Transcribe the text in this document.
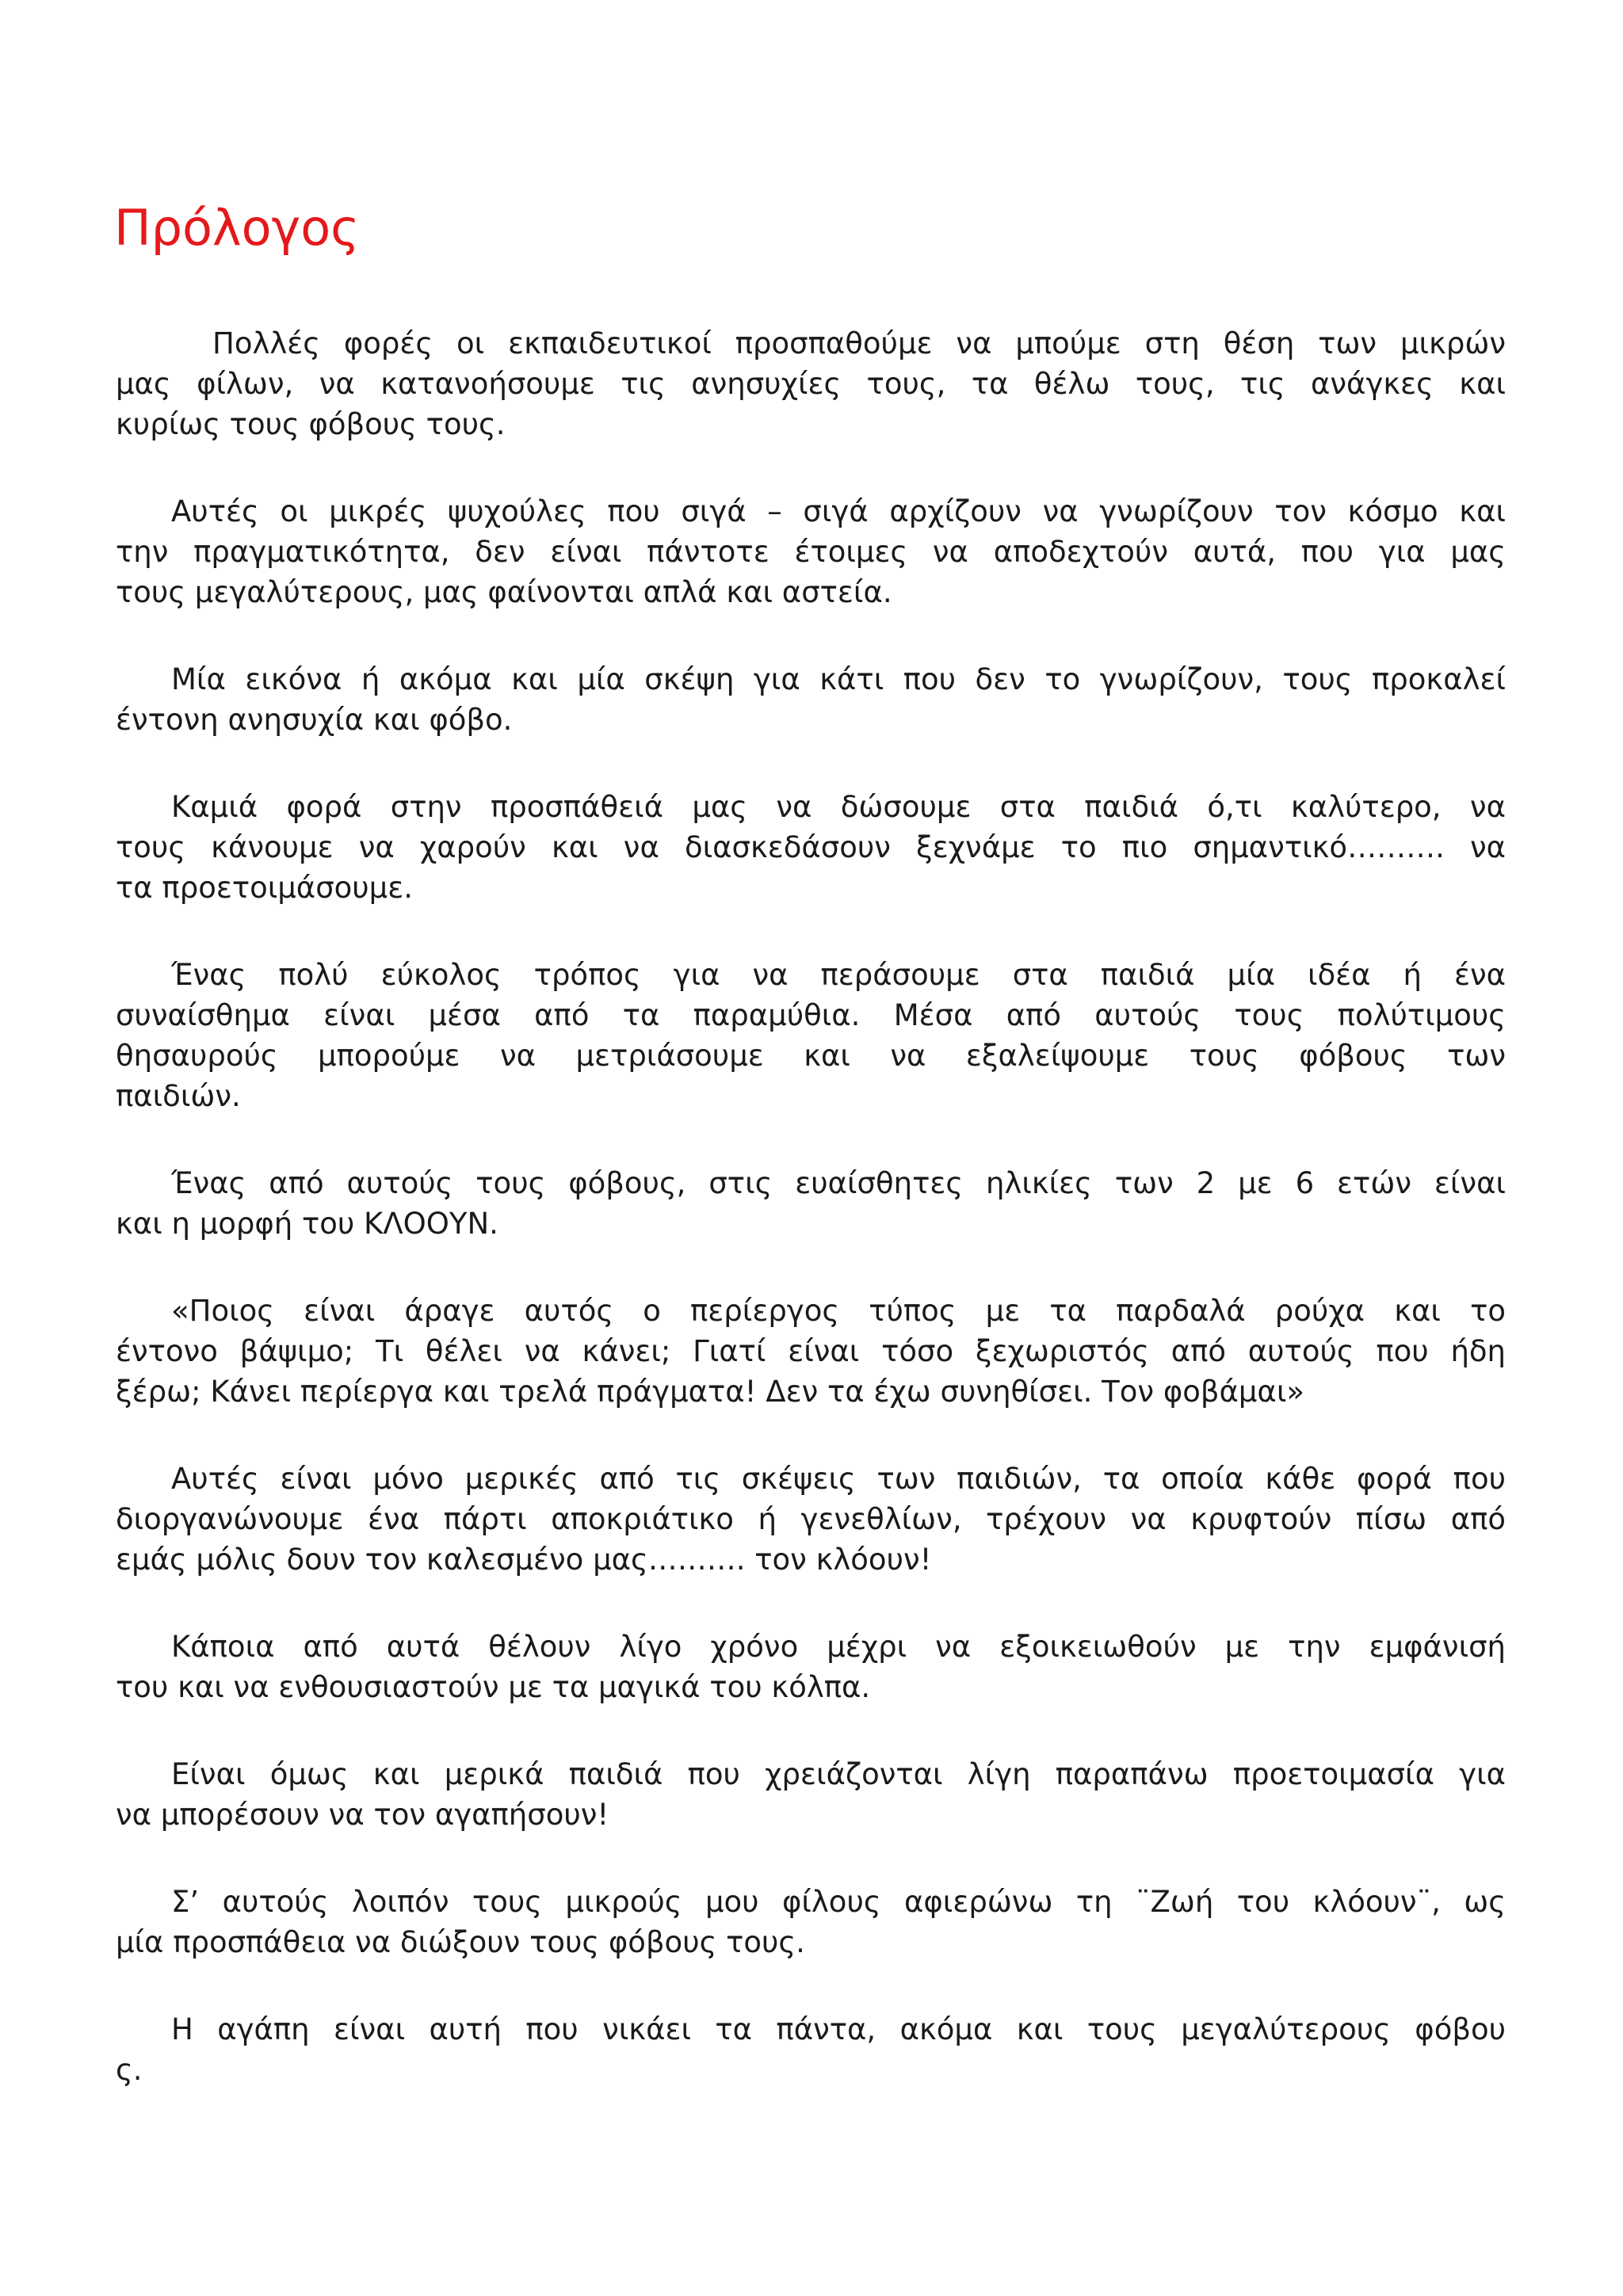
Πρόλογος

Πολλές φορές οι εκπαιδευτικοί προσπαθούμε να μπούμε στη θέση των μικρών
μας φίλων, να κατανοήσουμε τις ανησυχίες τους, τα θέλω τους, τις ανάγκες και
κυρίως τους φόβους τους.

Αυτές οι μικρές ψυχούλες που σιγά – σιγά αρχίζουν να γνωρίζουν τον κόσμο και
την πραγματικότητα, δεν είναι πάντοτε έτοιμες να αποδεχτούν αυτά, που για μας
τους μεγαλύτερους, μας φαίνονται απλά και αστεία.

Μία εικόνα ή ακόμα και μία σκέψη για κάτι που δεν το γνωρίζουν, τους προκαλεί
έντονη ανησυχία και φόβο.

Καμιά φορά στην προσπάθειά μας να δώσουμε στα παιδιά ό,τι καλύτερο, να
τους κάνουμε να χαρούν και να διασκεδάσουν ξεχνάμε το πιο σημαντικό………. να
τα προετοιμάσουμε.

Ένας πολύ εύκολος τρόπος για να περάσουμε στα παιδιά μία ιδέα ή ένα
συναίσθημα είναι μέσα από τα παραμύθια. Μέσα από αυτούς τους πολύτιμους
θησαυρούς μπορούμε να μετριάσουμε και να εξαλείψουμε τους φόβους των
παιδιών.

Ένας από αυτούς τους φόβους, στις ευαίσθητες ηλικίες των 2 με 6 ετών είναι
και η μορφή του ΚΛΟΟΥΝ.

«Ποιος είναι άραγε αυτός ο περίεργος τύπος με τα παρδαλά ρούχα και το
έντονο βάψιμο; Τι θέλει να κάνει; Γιατί είναι τόσο ξεχωριστός από αυτούς που ήδη
ξέρω; Κάνει περίεργα και τρελά πράγματα! Δεν τα έχω συνηθίσει. Τον φοβάμαι»

Αυτές είναι μόνο μερικές από τις σκέψεις των παιδιών, τα οποία κάθε φορά που
διοργανώνουμε ένα πάρτι αποκριάτικο ή γενεθλίων, τρέχουν να κρυφτούν πίσω από
εμάς μόλις δουν τον καλεσμένο μας………. τον κλόουν!

Κάποια από αυτά θέλουν λίγο χρόνο μέχρι να εξοικειωθούν με την εμφάνισή
του και να ενθουσιαστούν με τα μαγικά του κόλπα.

Είναι όμως και μερικά παιδιά που χρειάζονται λίγη παραπάνω προετοιμασία για
να μπορέσουν να τον αγαπήσουν!

Σ’ αυτούς λοιπόν τους μικρούς μου φίλους αφιερώνω τη ¨Ζωή του κλόουν¨, ως
μία προσπάθεια να διώξουν τους φόβους τους.

Η αγάπη είναι αυτή που νικάει τα πάντα, ακόμα και τους μεγαλύτερους φόβου
ς.
